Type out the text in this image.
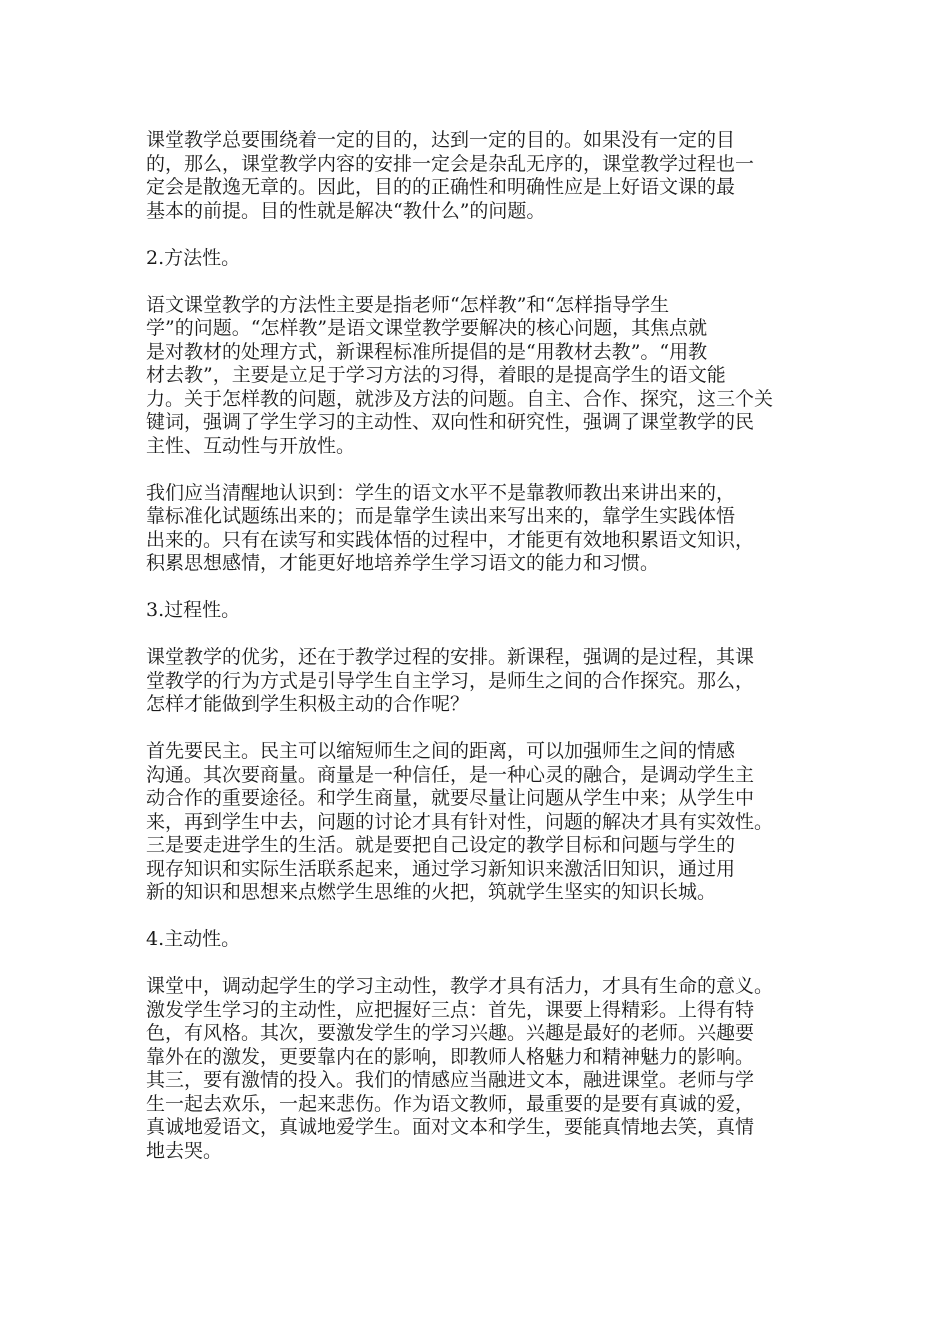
课堂教学总要围绕着一定的目的，达到一定的目的。如果没有一定的目
的，那么，课堂教学内容的安排一定会是杂乱无序的，课堂教学过程也一
定会是散逸无章的。因此，目的的正确性和明确性应是上好语文课的最
基本的前提。目的性就是解决“教什么”的问题。
2.方法性。
语文课堂教学的方法性主要是指老师“怎样教”和“怎样指导学生
学”的问题。“怎样教”是语文课堂教学要解决的核心问题，其焦点就
是对教材的处理方式，新课程标准所提倡的是“用教材去教”。“用教
材去教”，主要是立足于学习方法的习得，着眼的是提高学生的语文能
力。关于怎样教的问题，就涉及方法的问题。自主、合作、探究，这三个关
键词，强调了学生学习的主动性、双向性和研究性，强调了课堂教学的民
主性、互动性与开放性。
我们应当清醒地认识到：学生的语文水平不是靠教师教出来讲出来的，
靠标准化试题练出来的；而是靠学生读出来写出来的，靠学生实践体悟
出来的。只有在读写和实践体悟的过程中，才能更有效地积累语文知识，
积累思想感情，才能更好地培养学生学习语文的能力和习惯。
3.过程性。
课堂教学的优劣，还在于教学过程的安排。新课程，强调的是过程，其课
堂教学的行为方式是引导学生自主学习，是师生之间的合作探究。那么，
怎样才能做到学生积极主动的合作呢？
首先要民主。民主可以缩短师生之间的距离，可以加强师生之间的情感
沟通。其次要商量。商量是一种信任，是一种心灵的融合，是调动学生主
动合作的重要途径。和学生商量，就要尽量让问题从学生中来；从学生中
来，再到学生中去，问题的讨论才具有针对性，问题的解决才具有实效性。
三是要走进学生的生活。就是要把自己设定的教学目标和问题与学生的
现存知识和实际生活联系起来，通过学习新知识来激活旧知识，通过用
新的知识和思想来点燃学生思维的火把，筑就学生坚实的知识长城。
4.主动性。
课堂中，调动起学生的学习主动性，教学才具有活力，才具有生命的意义。
激发学生学习的主动性，应把握好三点：首先，课要上得精彩。上得有特
色，有风格。其次，要激发学生的学习兴趣。兴趣是最好的老师。兴趣要
靠外在的激发，更要靠内在的影响，即教师人格魅力和精神魅力的影响。
其三，要有激情的投入。我们的情感应当融进文本，融进课堂。老师与学
生一起去欢乐，一起来悲伤。作为语文教师，最重要的是要有真诚的爱，
真诚地爱语文，真诚地爱学生。面对文本和学生，要能真情地去笑，真情
地去哭。
